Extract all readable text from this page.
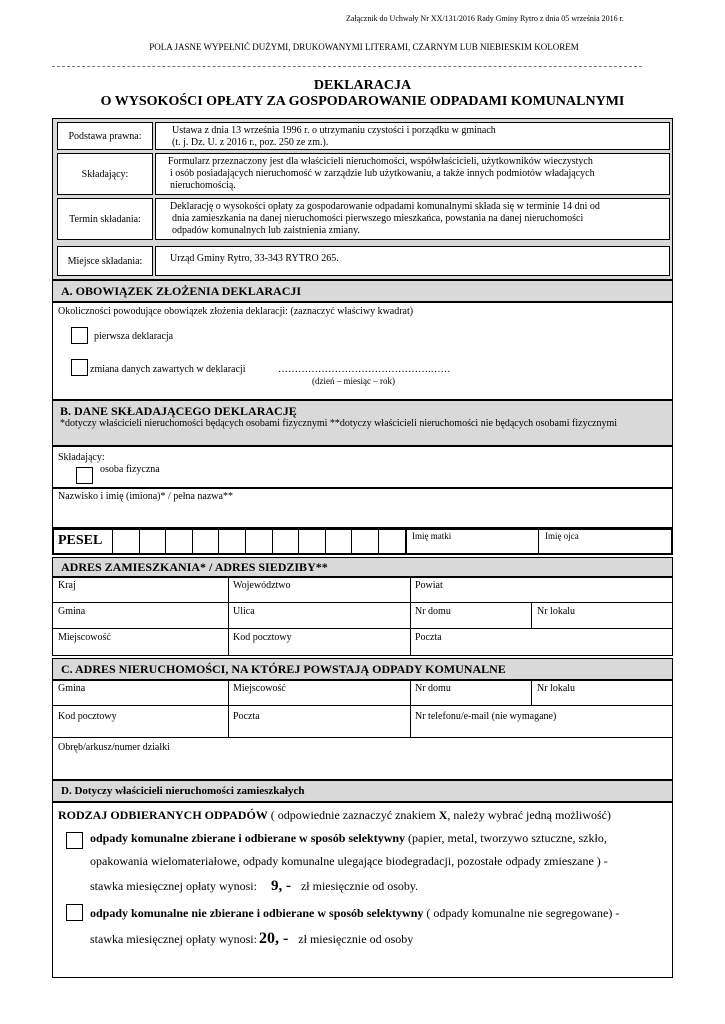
Załącznik do Uchwały Nr XX/131/2016 Rady Gminy Rytro z dnia 05 września 2016 r.
POLA JASNE WYPEŁNIĆ DUŻYMI, DRUKOWANYMI LITERAMI, CZARNYM LUB NIEBIESKIM KOLOREM
DEKLARACJA
O WYSOKOŚCI OPŁATY ZA GOSPODAROWANIE ODPADAMI KOMUNALNYMI
Podstawa prawna:	Ustawa z dnia 13 września 1996 r. o utrzymaniu czystości i porządku w gminach
(t. j. Dz. U. z 2016 r., poz. 250 ze zm.).
Składający:
Formularz przeznaczony jest dla właścicieli nieruchomości, współwłaścicieli, użytkowników wieczystych
i osób posiadających nieruchomość w zarządzie lub użytkowaniu, a także innych podmiotów władających
nieruchomością.
Termin składania:
Deklarację o wysokości opłaty za gospodarowanie odpadami komunalnymi składa się w terminie 14 dni od
dnia zamieszkania na danej nieruchomości pierwszego mieszkańca, powstania na danej nieruchomości
odpadów komunalnych lub zaistnienia zmiany.
Miejsce składania:	Urząd Gminy Rytro, 33-343 RYTRO 265.
A. OBOWIĄZEK ZŁOŻENIA DEKLARACJI
Okoliczności powodujące obowiązek złożenia deklaracji: (zaznaczyć właściwy kwadrat)
pierwsza deklaracja
zmiana danych zawartych w deklaracji	……………………………………….……
(dzień – miesiąc – rok)
B. DANE SKŁADAJĄCEGO DEKLARACJĘ
*dotyczy właścicieli nieruchomości będących osobami fizycznymi **dotyczy właścicieli nieruchomości nie będących osobami fizycznymi
Składający:
osoba fizyczna
Nazwisko i imię (imiona)* / pełna nazwa**
PESEL	Imię matki	Imię ojca
ADRES ZAMIESZKANIA* / ADRES SIEDZIBY**
Kraj	Województwo	Powiat
Gmina	Ulica	Nr domu	Nr lokalu
Miejscowość	Kod pocztowy	Poczta
C. ADRES NIERUCHOMOŚCI, NA KTÓREJ POWSTAJĄ ODPADY KOMUNALNE
Gmina	Miejscowość	Nr domu	Nr lokalu
Kod pocztowy	Poczta	Nr telefonu/e-mail (nie wymagane)
Obręb/arkusz/numer działki
D. Dotyczy właścicieli nieruchomości zamieszkałych
RODZAJ ODBIERANYCH ODPADÓW ( odpowiednie zaznaczyć znakiem X, należy wybrać jedną możliwość)
odpady komunalne zbierane i odbierane w sposób selektywny (papier, metal, tworzywo sztuczne, szkło,
opakowania wielomateriałowe, odpady komunalne ulegające biodegradacji, pozostałe odpady zmieszane ) -
stawka miesięcznej opłaty wynosi: 9, - zł miesięcznie od osoby.
odpady komunalne nie zbierane i odbierane w sposób selektywny ( odpady komunalne nie segregowane) -
stawka miesięcznej opłaty wynosi: 20, - zł miesięcznie od osoby
